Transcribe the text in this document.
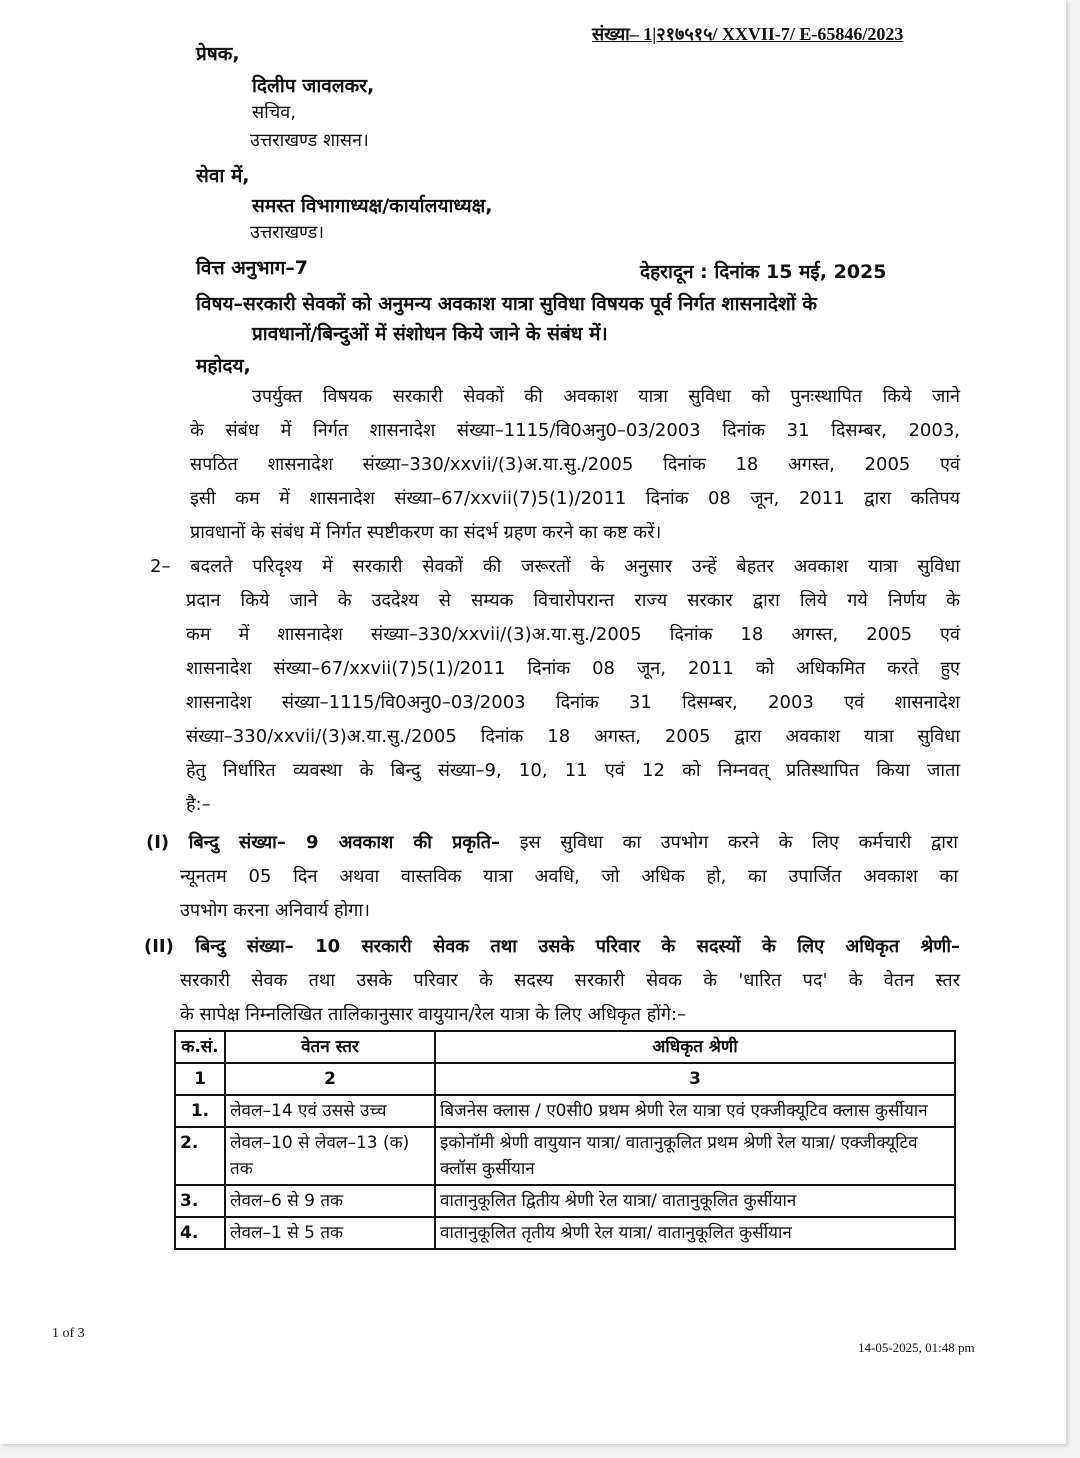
संख्या– 1|२१७५१५/ XXVII-7/ E-65846/2023
प्रेषक,
दिलीप जावलकर,
सचिव,
उत्तराखण्ड शासन।
सेवा में,
समस्त विभागाध्यक्ष/कार्यालयाध्यक्ष,
उत्तराखण्ड।
वित्त अनुभाग–7	देहरादून : दिनांक 15 मई, 2025
विषय–सरकारी सेवकों को अनुमन्य अवकाश यात्रा सुविधा विषयक पूर्व निर्गत शासनादेशों के
प्रावधानों/बिन्दुओं में संशोधन किये जाने के संबंध में।
महोदय,
उपर्युक्त विषयक सरकारी सेवकों की अवकाश यात्रा सुविधा को पुनःस्थापित किये जाने
के संबंध में निर्गत शासनादेश संख्या–1115/वि0अनु0–03/2003 दिनांक 31 दिसम्बर, 2003,
सपठित शासनादेश संख्या–330/xxvii/(3)अ.या.सु./2005 दिनांक 18 अगस्त, 2005 एवं
इसी कम में शासनादेश संख्या–67/xxvii(7)5(1)/2011 दिनांक 08 जून, 2011 द्वारा कतिपय
प्रावधानों के संबंध में निर्गत स्पष्टीकरण का संदर्भ ग्रहण करने का कष्ट करें।
2– बदलते परिदृश्य में सरकारी सेवकों की जरूरतों के अनुसार उन्हें बेहतर अवकाश यात्रा सुविधा
प्रदान किये जाने के उददेश्य से सम्यक विचारोपरान्त राज्य सरकार द्वारा लिये गये निर्णय के
कम में शासनादेश संख्या–330/xxvii/(3)अ.या.सु./2005 दिनांक 18 अगस्त, 2005 एवं
शासनादेश संख्या–67/xxvii(7)5(1)/2011 दिनांक 08 जून, 2011 को अधिकमित करते हुए
शासनादेश संख्या–1115/वि0अनु0–03/2003 दिनांक 31 दिसम्बर, 2003 एवं शासनादेश
संख्या–330/xxvii/(3)अ.या.सु./2005 दिनांक 18 अगस्त, 2005 द्वारा अवकाश यात्रा सुविधा
हेतु निर्धारित व्यवस्था के बिन्दु संख्या–9, 10, 11 एवं 12 को निम्नवत् प्रतिस्थापित किया जाता
है:–
(I) बिन्दु संख्या– 9 अवकाश की प्रकृति– इस सुविधा का उपभोग करने के लिए कर्मचारी द्वारा
न्यूनतम 05 दिन अथवा वास्तविक यात्रा अवधि, जो अधिक हो, का उपार्जित अवकाश का
उपभोग करना अनिवार्य होगा।
(II) बिन्दु संख्या– 10 सरकारी सेवक तथा उसके परिवार के सदस्यों के लिए अधिकृत श्रेणी–
सरकारी सेवक तथा उसके परिवार के सदस्य सरकारी सेवक के 'धारित पद' के वेतन स्तर
के सापेक्ष निम्नलिखित तालिकानुसार वायुयान/रेल यात्रा के लिए अधिकृत होंगे:–
क.सं.	वेतन स्तर	अधिकृत श्रेणी
1	2	3
1.	लेवल–14 एवं उससे उच्च	बिजनेस क्लास / ए0सी0 प्रथम श्रेणी रेल यात्रा एवं एक्जीक्यूटिव क्लास कुर्सीयान
2.	लेवल–10 से लेवल–13 (क) तक	इकोनॉमी श्रेणी वायुयान यात्रा/ वातानुकूलित प्रथम श्रेणी रेल यात्रा/ एक्जीक्यूटिव क्लॉस कुर्सीयान
3.	लेवल–6 से 9 तक	वातानुकूलित द्वितीय श्रेणी रेल यात्रा/ वातानुकूलित कुर्सीयान
4.	लेवल–1 से 5 तक	वातानुकूलित तृतीय श्रेणी रेल यात्रा/ वातानुकूलित कुर्सीयान
1 of 3
14-05-2025, 01:48 pm
